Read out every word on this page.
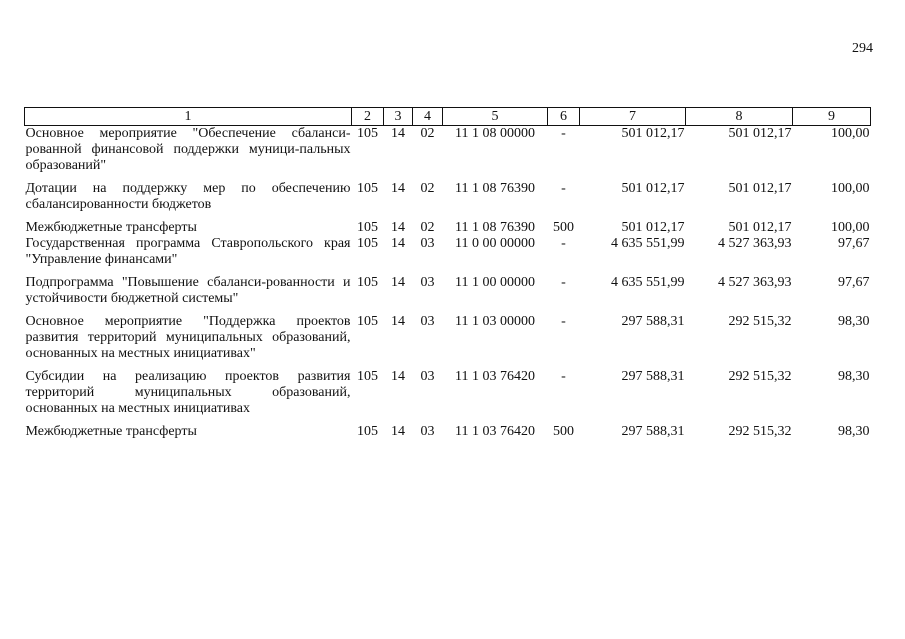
294
1	2	3	4	5	6	7	8	9
Основное мероприятие "Обеспечение сбаланси-рованной финансовой поддержки муници-пальных образований"	105	14	02	11 1 08 00000	-	501 012,17	501 012,17	100,00
Дотации на поддержку мер по обеспечению сбалансированности бюджетов	105	14	02	11 1 08 76390	-	501 012,17	501 012,17	100,00
Межбюджетные трансферты	105	14	02	11 1 08 76390	500	501 012,17	501 012,17	100,00
Государственная программа Ставропольского края "Управление финансами"	105	14	03	11 0 00 00000	-	4 635 551,99	4 527 363,93	97,67
Подпрограмма "Повышение сбаланси-рованности и устойчивости бюджетной системы"	105	14	03	11 1 00 00000	-	4 635 551,99	4 527 363,93	97,67
Основное мероприятие "Поддержка проектов развития территорий муниципальных образований, основанных на местных инициативах"	105	14	03	11 1 03 00000	-	297 588,31	292 515,32	98,30
Субсидии на реализацию проектов развития территорий муниципальных образований, основанных на местных инициативах	105	14	03	11 1 03 76420	-	297 588,31	292 515,32	98,30
Межбюджетные трансферты	105	14	03	11 1 03 76420	500	297 588,31	292 515,32	98,30
